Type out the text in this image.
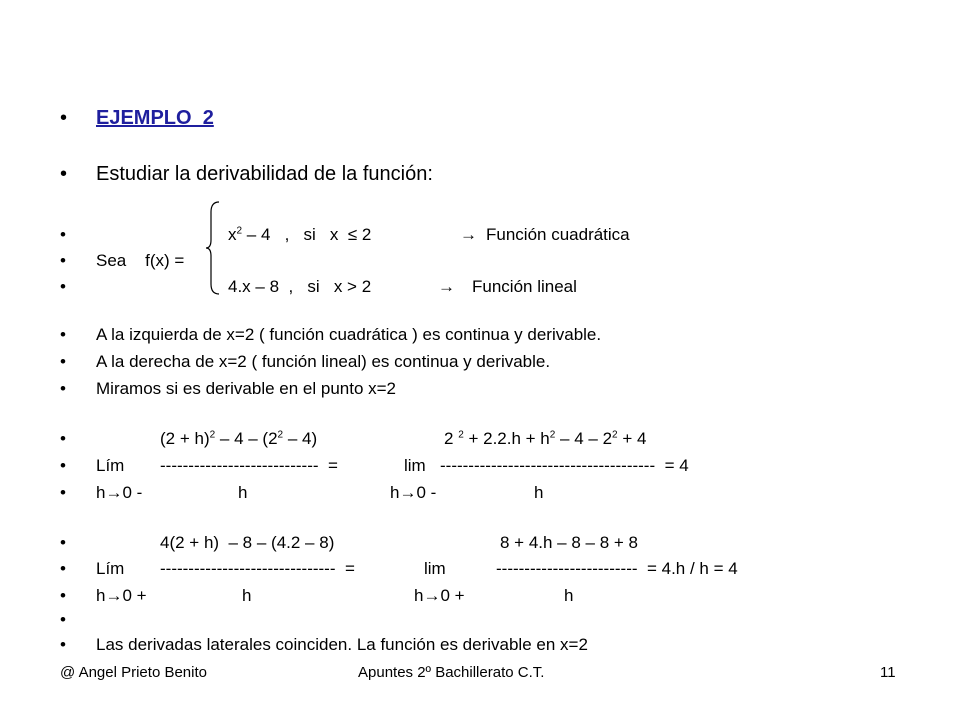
• EJEMPLO  2
• Estudiar la derivabilidad de la función:
•	$x^2 - 4$   ,   si   x  ≤ 2	→ Función cuadrática
• Sea    f(x) =
•	4.x – 8  ,   si   x > 2	→ Función lineal
• A la izquierda de x=2 ( función cuadrática ) es continua y derivable.
• A la derecha de x=2 ( función lineal) es continua y derivable.
• Miramos si es derivable en el punto x=2
•	$(2 + h)^2 - 4 - (2^2 - 4)$	2 $^2 + 2.2.h + h^2 - 4 - 2^2 + 4$
• Lím ----------------------------  =	lim --------------------------------------  = 4
• h→0 -	h	h→0 -	h
•	4(2 + h)  – 8 – (4.2 – 8)	8 + 4.h – 8 – 8 + 8
• Lím -------------------------------  =	lim	-------------------------  = 4.h / h = 4
• h→0 +	h	h→0 +	h
•
• Las derivadas laterales coinciden. La función es derivable en x=2
@ Angel Prieto Benito	Apuntes 2º Bachillerato C.T.	11
